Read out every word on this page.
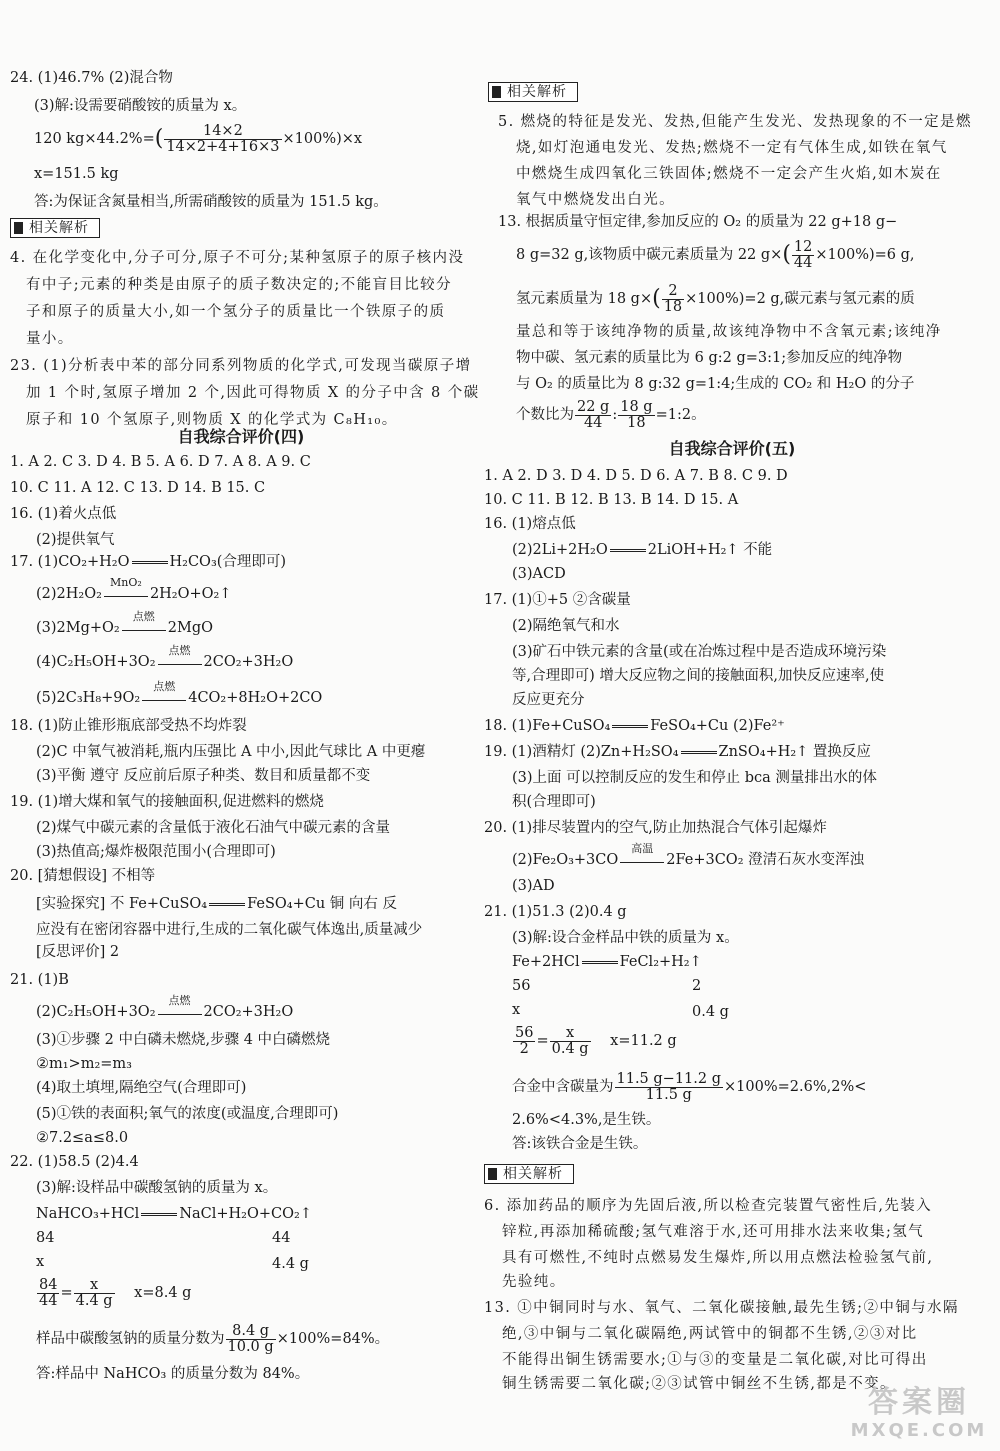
24. (1)46.7% (2)混合物
(3)解:设需要硝酸铵的质量为 x。
120 $kg\times 44.2\%=( \frac{14\times 2}{14\times 2+4+16\times 3} \times 100\%)\times x$
x=151.5 kg
答:为保证含氮量相当,所需硝酸铵的质量为 151.5 kg。
相关解析
4. 在化学变化中,分子可分,原子不可分;某种氢原子的原子核内没
有中子;元素的种类是由原子的质子数决定的;不能盲目比较分
子和原子的质量大小,如一个氢分子的质量比一个铁原子的质
量小。
23. (1)分析表中苯的部分同系列物质的化学式,可发现当碳原子增
加 1 个时,氢原子增加 2 个,因此可得物质 X 的分子中含 8 个碳
原子和 10 个氢原子,则物质 X 的化学式为 C₈H₁₀。
自我综合评价(四)
1. A 2. C 3. D 4. B 5. A 6. D 7. A 8. A 9. C
10. C 11. A 12. C 13. D 14. B 15. C
16. (1)着火点低
(2)提供氧气
17. (1)CO₂+H₂O	H₂CO₃(合理即可)
(2)2H₂O₂
MnO₂
2H₂O+O₂↑
(3)2Mg+O₂
点燃
2MgO
(4)C₂H₅OH+3O₂
点燃
2CO₂+3H₂O
(5)2C₃H₈+9O₂
点燃
4CO₂+8H₂O+2CO
18. (1)防止锥形瓶底部受热不均炸裂
(2)C 中氧气被消耗,瓶内压强比 A 中小,因此气球比 A 中更瘪
(3)平衡 遵守 反应前后原子种类、数目和质量都不变
19. (1)增大煤和氧气的接触面积,促进燃料的燃烧
(2)煤气中碳元素的含量低于液化石油气中碳元素的含量
(3)热值高;爆炸极限范围小(合理即可)
20. [猜想假设] 不相等
[实验探究] 不 Fe+CuSO₄	FeSO₄+Cu 铜 向右 反
应没有在密闭容器中进行,生成的二氧化碳气体逸出,质量减少
[反思评价] 2
21. (1)B
(2)C₂H₅OH+3O₂
点燃
2CO₂+3H₂O
(3)①步骤 2 中白磷未燃烧,步骤 4 中白磷燃烧
②m₁>m₂=m₃
(4)取土填埋,隔绝空气(合理即可)
(5)①铁的表面积;氧气的浓度(或温度,合理即可)
②7.2≤a≤8.0
22. (1)58.5 (2)4.4
(3)解:设样品中碳酸氢钠的质量为 x。
NaHCO₃+HCl	NaCl+H₂O+CO₂↑
84	44
x	4.4 g
$\frac{84}{44} = \frac{x}{4.4 g} x=8.4$ g
样品中碳酸氢钠的质量分数为 $\frac{8.4 g}{10.0 g} \times 100\%=84\%$。
答:样品中 NaHCO₃ 的质量分数为 84%。
相关解析
5. 燃烧的特征是发光、发热,但能产生发光、发热现象的不一定是燃
烧,如灯泡通电发光、发热;燃烧不一定有气体生成,如铁在氧气
中燃烧生成四氧化三铁固体;燃烧不一定会产生火焰,如木炭在
氧气中燃烧发出白光。
13. 根据质量守恒定律,参加反应的 O₂ 的质量为 22 g+18 g−
8 g=32 g,该物质中碳元素质量为 22 $g\times( \frac{12}{44} \times 100\%)=6$ g,
氢元素质量为 18 $g\times( \frac{2}{18} \times 100\%)=2$ g,碳元素与氢元素的质
量总和等于该纯净物的质量,故该纯净物中不含氧元素;该纯净
物中碳、氢元素的质量比为 6 g:2 g=3:1;参加反应的纯净物
与 O₂ 的质量比为 8 g:32 g=1:4;生成的 CO₂ 和 H₂O 的分子
个数比为 $\frac{22 g}{44}$ : $\frac{18 g}{18}$ =1:2。
自我综合评价(五)
1. A 2. D 3. D 4. D 5. D 6. A 7. B 8. C 9. D
10. C 11. B 12. B 13. B 14. D 15. A
16. (1)熔点低
(2)2Li+2H₂O	2LiOH+H₂↑ 不能
(3)ACD
17. (1)①+5 ②含碳量
(2)隔绝氧气和水
(3)矿石中铁元素的含量(或在冶炼过程中是否造成环境污染
等,合理即可) 增大反应物之间的接触面积,加快反应速率,使
反应更充分
18. (1)Fe+CuSO₄	FeSO₄+Cu (2)Fe²⁺
19. (1)酒精灯 (2)Zn+H₂SO₄	ZnSO₄+H₂↑ 置换反应
(3)上面 可以控制反应的发生和停止 bca 测量排出水的体
积(合理即可)
20. (1)排尽装置内的空气,防止加热混合气体引起爆炸
(2)Fe₂O₃+3CO
高温
2Fe+3CO₂ 澄清石灰水变浑浊
(3)AD
21. (1)51.3 (2)0.4 g
(3)解:设合金样品中铁的质量为 x。
Fe+2HCl	FeCl₂+H₂↑
56	2
x	0.4 g
$\frac{56}{2} = \frac{x}{0.4 g} x=11.2$ g
合金中含碳量为 $\frac{11.5 g-11.2 g}{11.5 g} \times 100\%=2.6\%,2\%<$
2.6%<4.3%,是生铁。
答:该铁合金是生铁。
相关解析
6. 添加药品的顺序为先固后液,所以检查完装置气密性后,先装入
锌粒,再添加稀硫酸;氢气难溶于水,还可用排水法来收集;氢气
具有可燃性,不纯时点燃易发生爆炸,所以用点燃法检验氢气前,
先验纯。
13. ①中铜同时与水、氧气、二氧化碳接触,最先生锈;②中铜与水隔
绝,③中铜与二氧化碳隔绝,两试管中的铜都不生锈,②③对比
不能得出铜生锈需要水;①与③的变量是二氧化碳,对比可得出
铜生锈需要二氧化碳;②③试管中铜丝不生锈,都是不变。
答案圈
MXQE.COM
